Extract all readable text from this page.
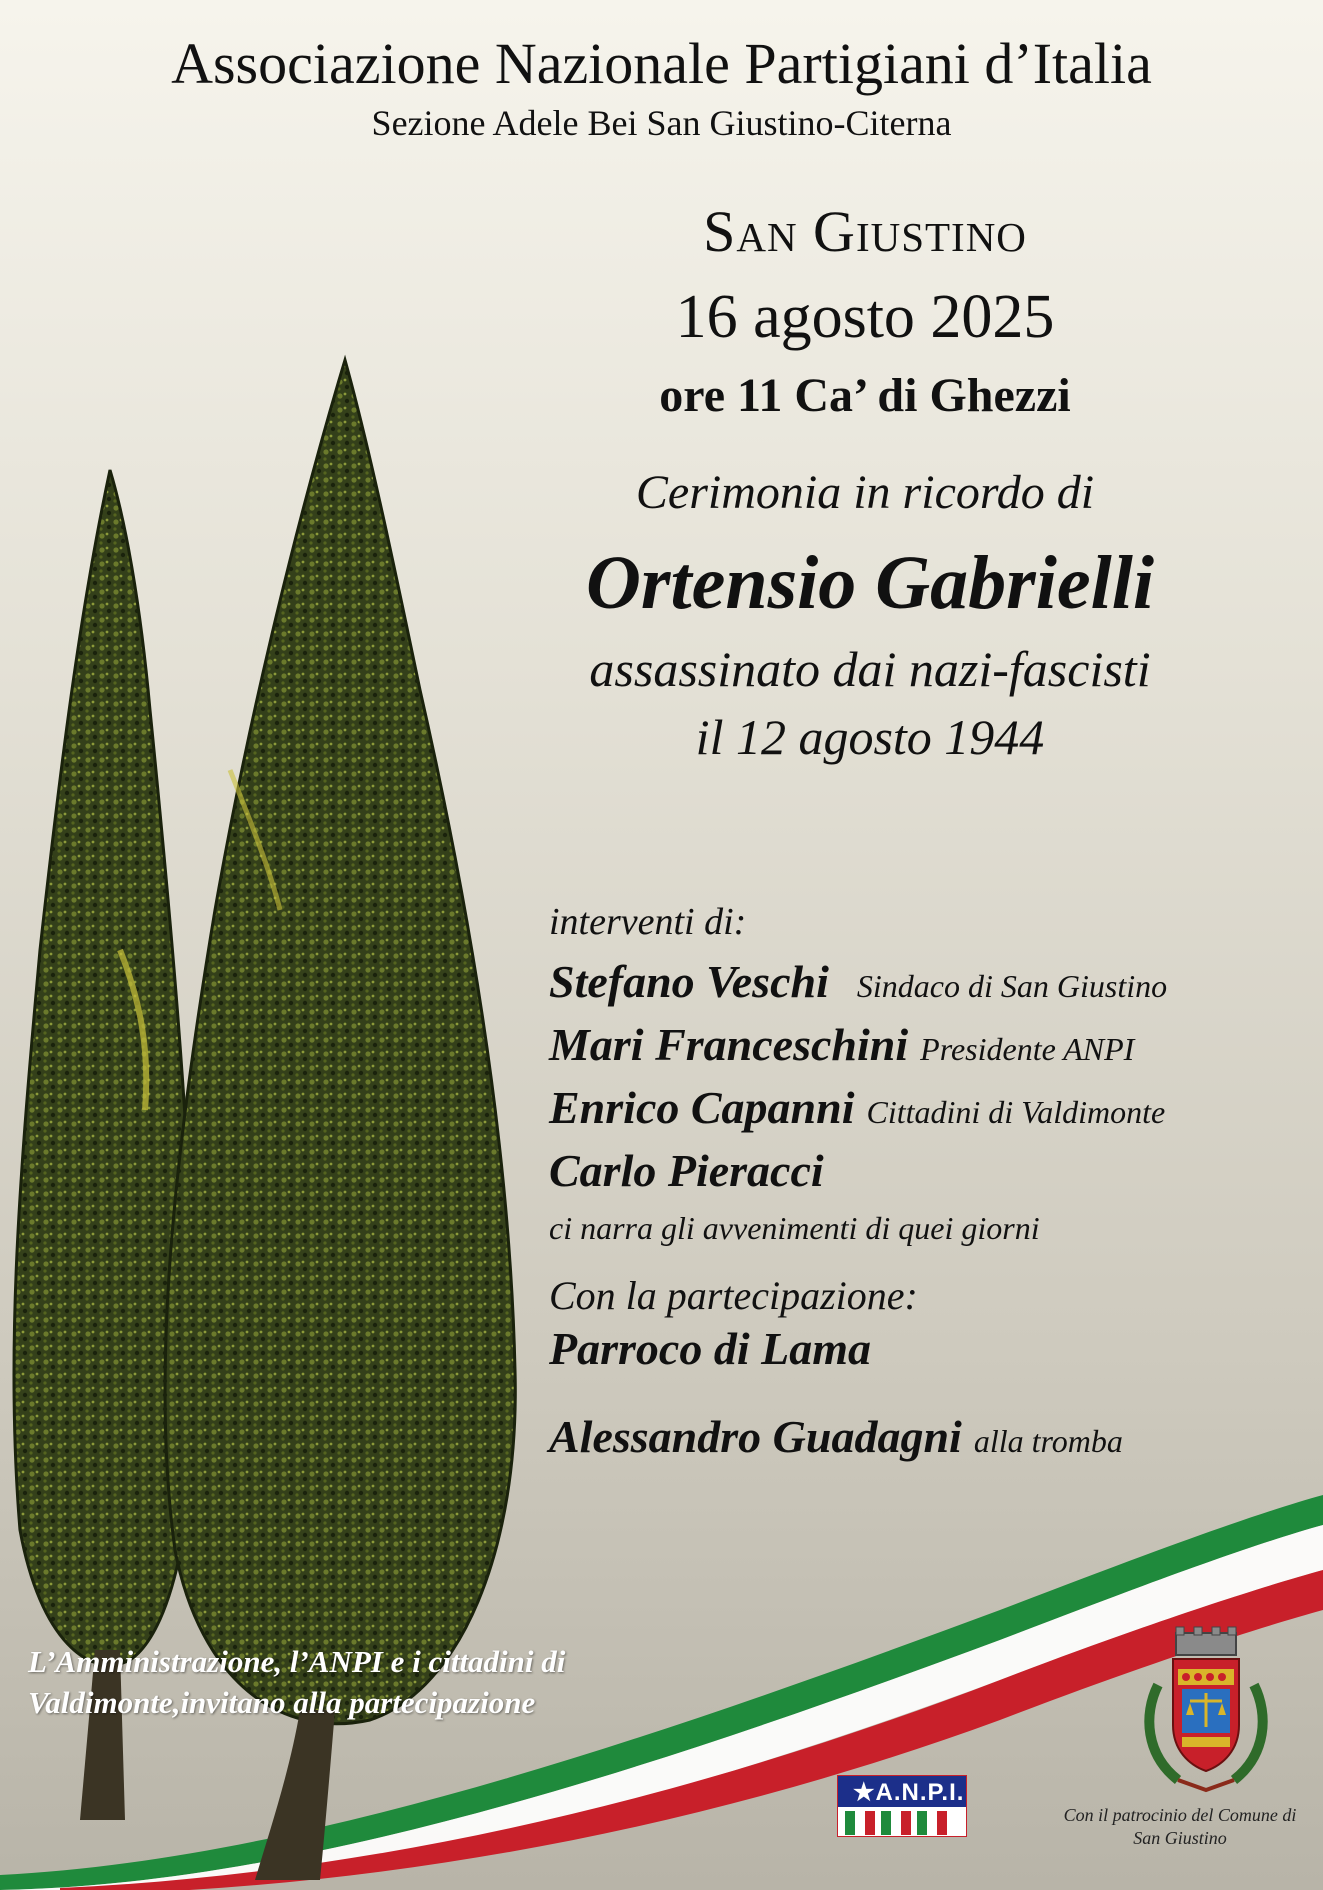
Associazione Nazionale Partigiani d’Italia
Sezione Adele Bei San Giustino-Citerna
San Giustino
16 agosto 2025
ore 11 Ca’ di Ghezzi
Cerimonia in ricordo di
Ortensio Gabrielli
assassinato dai nazi-fascisti
il 12 agosto 1944
interventi di:
Stefano Veschi Sindaco di San Giustino
Mari Franceschini Presidente ANPI
Enrico Capanni Cittadini di Valdimonte
Carlo Pieracci
ci narra gli avvenimenti di quei giorni
Con la partecipazione:
Parroco di Lama
Alessandro Guadagni alla tromba
L’Amministrazione, l’ANPI e i cittadini di Valdimonte,invitano alla partecipazione
★A.N.P.I.
Con il patrocinio del Comune di San Giustino
